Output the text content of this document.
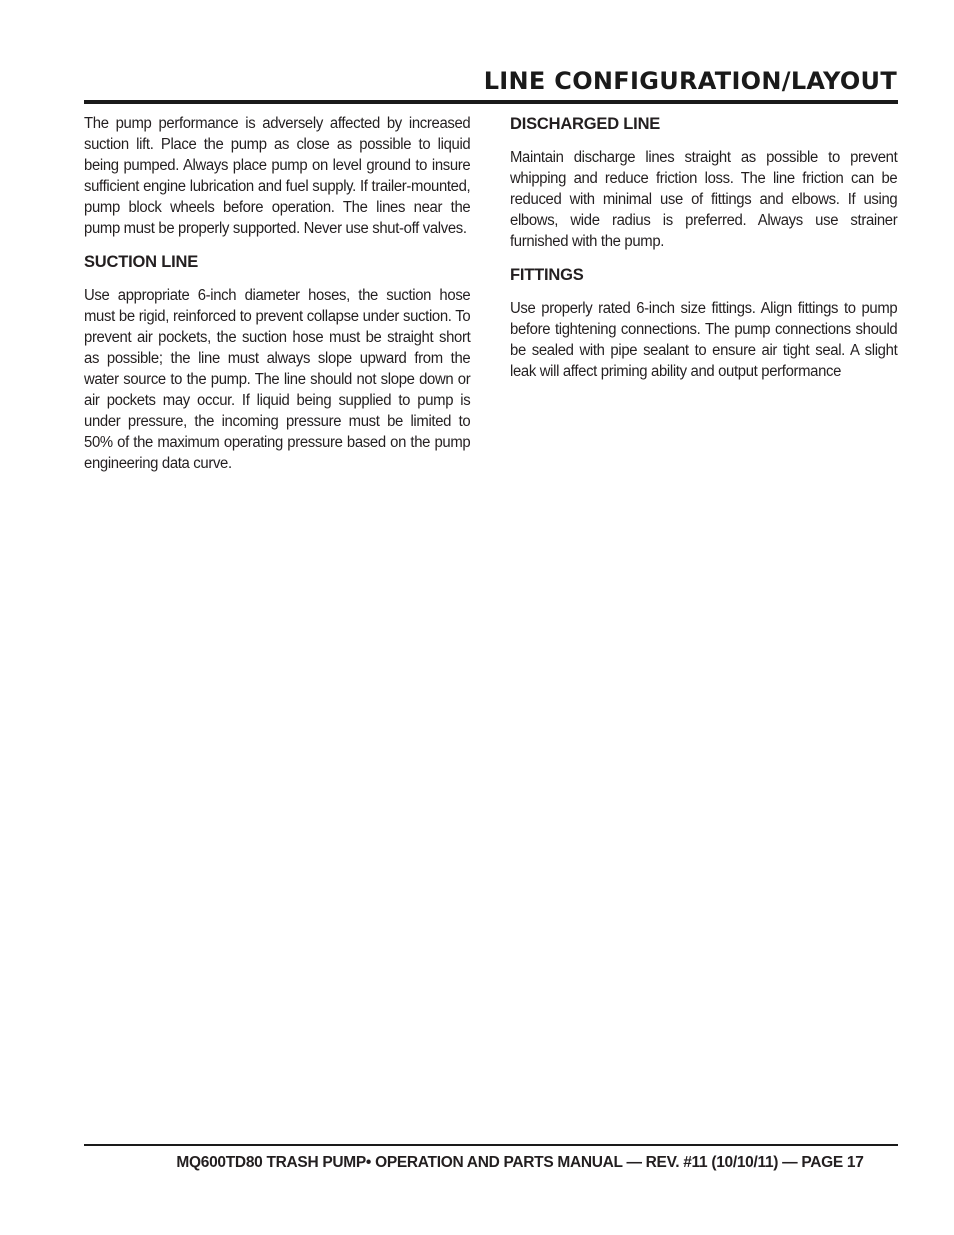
LINE CONFIGURATION/LAYOUT

The pump performance is adversely affected by increased suction lift. Place the pump as close as possible to liquid being pumped. Always place pump on level ground to insure sufficient engine lubrication and fuel supply. If trailer-mounted, pump block wheels before operation. The lines near the pump must be properly supported. Never use shut-off valves.

SUCTION LINE

Use appropriate 6-inch diameter hoses, the suction hose must be rigid, reinforced to prevent collapse under suction. To prevent air pockets, the suction hose must be straight short as possible; the line must always slope upward from the water source to the pump. The line should not slope down or air pockets may occur. If liquid being supplied to pump is under pressure, the incoming pressure must be limited to 50% of the maximum operating pressure based on the pump engineering data curve.

DISCHARGED LINE

Maintain discharge lines straight as possible to prevent whipping and reduce friction loss. The line friction can be reduced with minimal use of fittings and elbows. If using elbows, wide radius is preferred. Always use strainer furnished with the pump.

FITTINGS

Use properly rated 6-inch size fittings. Align fittings to pump before tightening connections. The pump connections should be sealed with pipe sealant to ensure air tight seal. A slight leak will affect priming ability and output performance

MQ600TD80 TRASH PUMP• OPERATION AND PARTS MANUAL — REV. #11 (10/10/11) — PAGE 17
